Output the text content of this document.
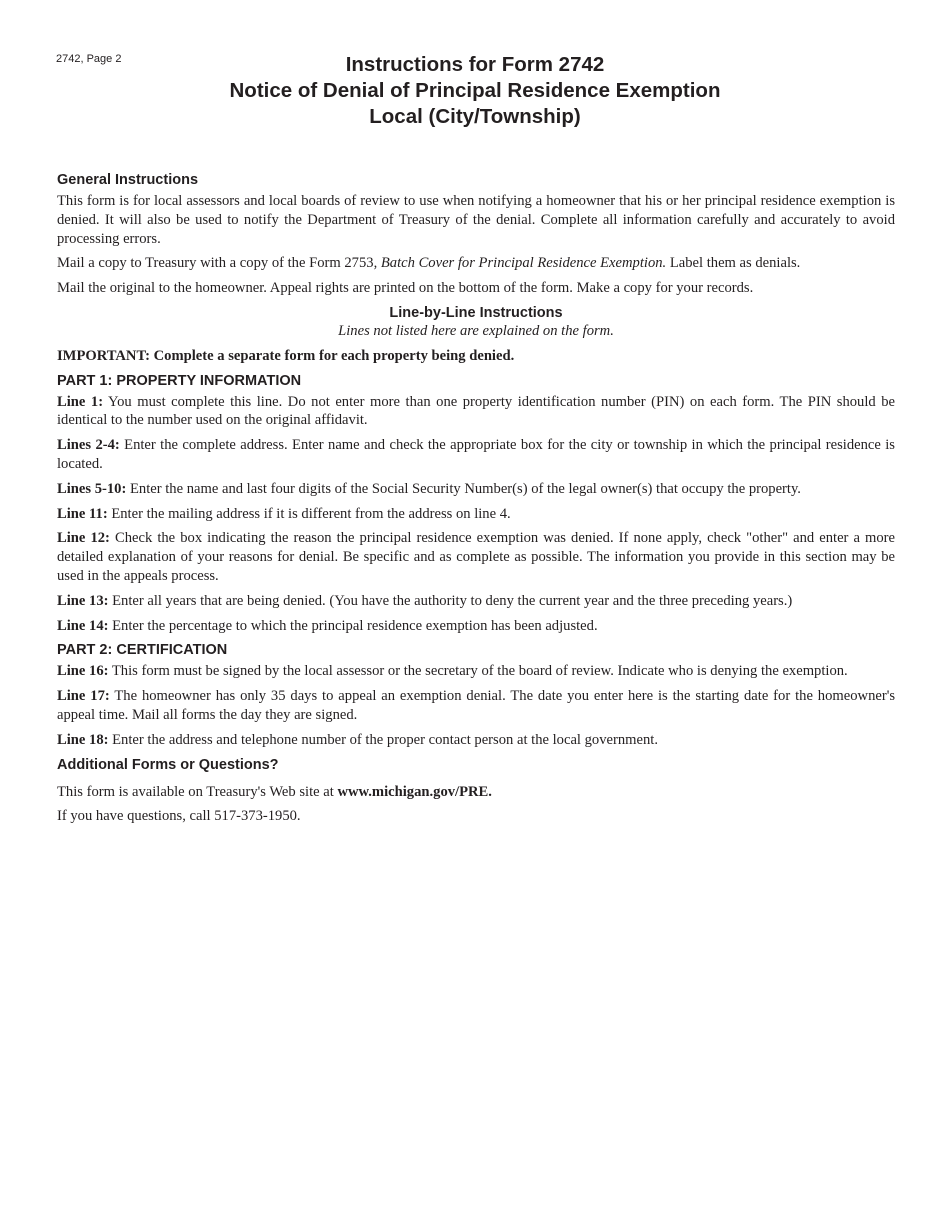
2742, Page 2	Instructions for Form 2742
Notice of Denial of Principal Residence Exemption
Local (City/Township)
General Instructions

This form is for local assessors and local boards of review to use when notifying a homeowner that his or her principal residence exemption is denied. It will also be used to notify the Department of Treasury of the denial. Complete all information carefully and accurately to avoid processing errors.

Mail a copy to Treasury with a copy of the Form 2753, Batch Cover for Principal Residence Exemption. Label them as denials.

Mail the original to the homeowner. Appeal rights are printed on the bottom of the form. Make a copy for your records.

Line-by-Line Instructions
Lines not listed here are explained on the form.

IMPORTANT: Complete a separate form for each property being denied.

PART 1: PROPERTY INFORMATION

Line 1: You must complete this line. Do not enter more than one property identification number (PIN) on each form. The PIN should be identical to the number used on the original affidavit.

Lines 2-4: Enter the complete address. Enter name and check the appropriate box for the city or township in which the principal residence is located.

Lines 5-10: Enter the name and last four digits of the Social Security Number(s) of the legal owner(s) that occupy the property.

Line 11: Enter the mailing address if it is different from the address on line 4.

Line 12: Check the box indicating the reason the principal residence exemption was denied. If none apply, check "other" and enter a more detailed explanation of your reasons for denial. Be specific and as complete as possible. The information you provide in this section may be used in the appeals process.

Line 13: Enter all years that are being denied. (You have the authority to deny the current year and the three preceding years.)

Line 14: Enter the percentage to which the principal residence exemption has been adjusted.

PART 2: CERTIFICATION

Line 16: This form must be signed by the local assessor or the secretary of the board of review. Indicate who is denying the exemption.

Line 17: The homeowner has only 35 days to appeal an exemption denial. The date you enter here is the starting date for the homeowner's appeal time. Mail all forms the day they are signed.

Line 18: Enter the address and telephone number of the proper contact person at the local government.

Additional Forms or Questions?

This form is available on Treasury's Web site at www.michigan.gov/PRE.

If you have questions, call 517-373-1950.
